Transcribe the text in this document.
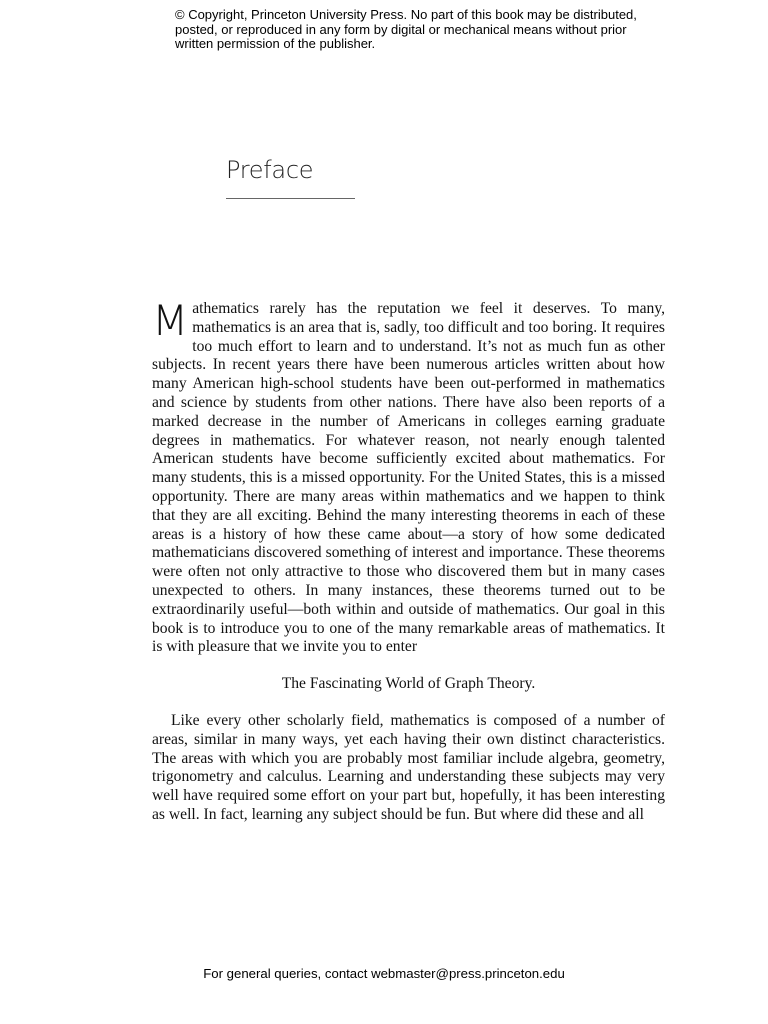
© Copyright, Princeton University Press. No part of this book may be distributed, posted, or reproduced in any form by digital or mechanical means without prior written permission of the publisher.
Preface

Mathematics rarely has the reputation we feel it deserves. To many, mathematics is an area that is, sadly, too difficult and too boring. It requires too much effort to learn and to understand. It’s not as much fun as other subjects. In recent years there have been numerous articles written about how many American high-school students have been out-performed in mathematics and science by students from other nations. There have also been reports of a marked decrease in the number of Americans in colleges earning graduate degrees in mathematics. For whatever reason, not nearly enough talented American students have become sufficiently excited about mathematics. For many students, this is a missed opportunity. For the United States, this is a missed opportunity. There are many areas within mathematics and we happen to think that they are all exciting. Behind the many interesting theorems in each of these areas is a history of how these came about—a story of how some dedicated mathematicians discovered something of interest and importance. These theorems were often not only attractive to those who discovered them but in many cases unexpected to others. In many instances, these theorems turned out to be extraordinarily useful—both within and outside of mathematics. Our goal in this book is to introduce you to one of the many remarkable areas of mathematics. It is with pleasure that we invite you to enter

The Fascinating World of Graph Theory.

Like every other scholarly field, mathematics is composed of a number of areas, similar in many ways, yet each having their own distinct characteristics. The areas with which you are probably most familiar include algebra, geometry, trigonometry and calculus. Learning and understanding these subjects may very well have required some effort on your part but, hopefully, it has been interesting as well. In fact, learning any subject should be fun. But where did these and all

For general queries, contact webmaster@press.princeton.edu
